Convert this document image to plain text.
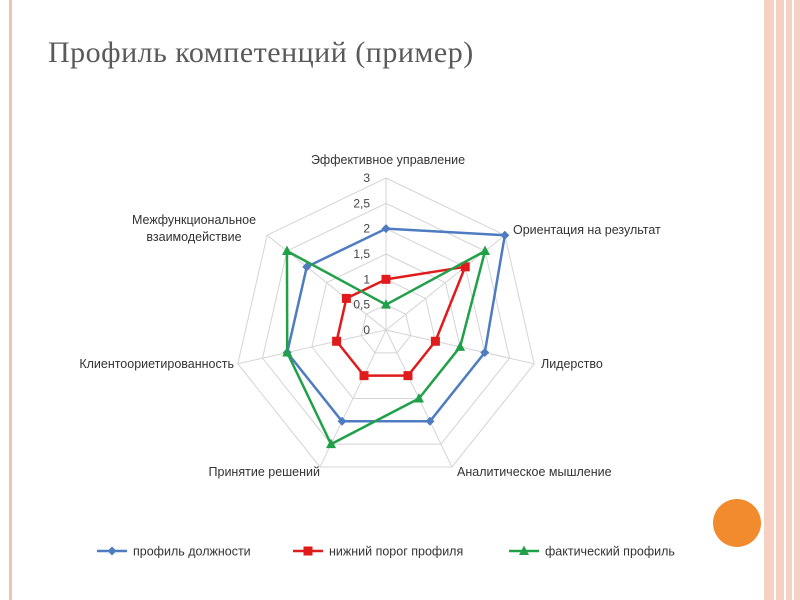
Профиль компетенций (пример)
0
0,5
1
1,5
2
2,5
3
Эффективное управление
Ориентация на результат
Лидерство
Аналитическое мышление
Принятие решений
Клиентоориетированность
Межфункциональное взаимодействие
профиль должности	нижний порог профиля	фактический профиль
